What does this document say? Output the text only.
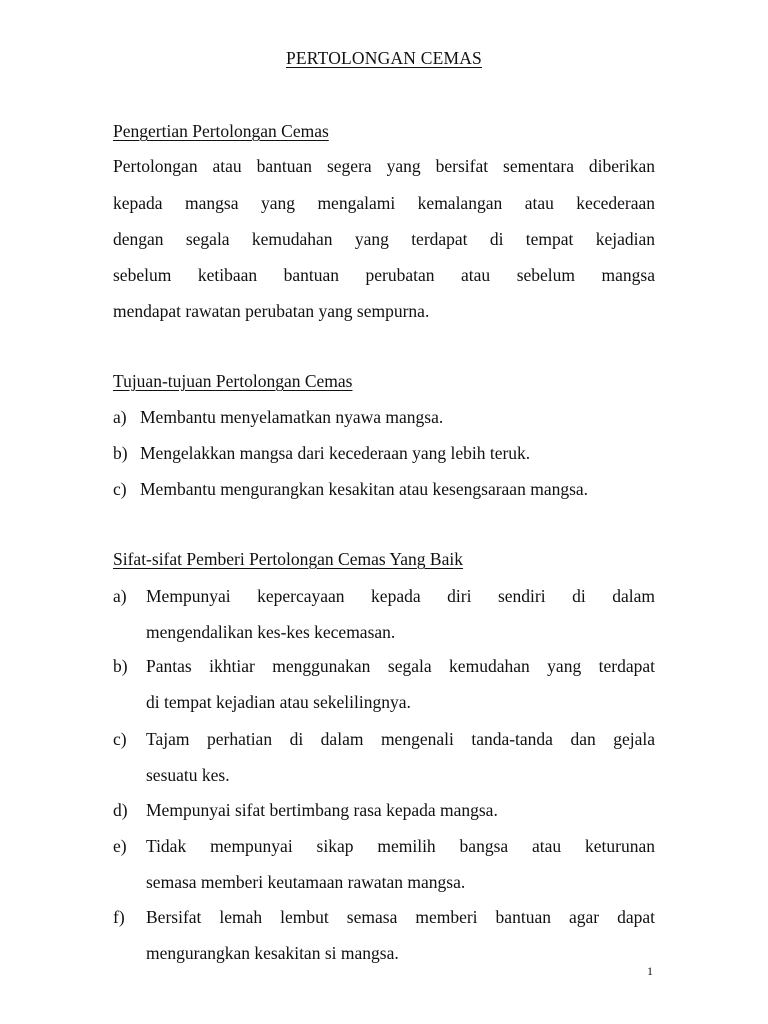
PERTOLONGAN CEMAS
Pengertian Pertolongan Cemas
Pertolongan atau bantuan segera yang bersifat sementara diberikan
kepada mangsa yang mengalami kemalangan atau kecederaan
dengan segala kemudahan yang terdapat di tempat kejadian
sebelum ketibaan bantuan perubatan atau sebelum mangsa
mendapat rawatan perubatan yang sempurna.
Tujuan-tujuan Pertolongan Cemas
a) Membantu menyelamatkan nyawa mangsa.
b) Mengelakkan mangsa dari kecederaan yang lebih teruk.
c) Membantu mengurangkan kesakitan atau kesengsaraan mangsa.
Sifat-sifat Pemberi Pertolongan Cemas Yang Baik
a) Mempunyai kepercayaan kepada diri sendiri di dalam
mengendalikan kes-kes kecemasan.
b) Pantas ikhtiar menggunakan segala kemudahan yang terdapat
di tempat kejadian atau sekelilingnya.
c) Tajam perhatian di dalam mengenali tanda-tanda dan gejala
sesuatu kes.
d) Mempunyai sifat bertimbang rasa kepada mangsa.
e) Tidak mempunyai sikap memilih bangsa atau keturunan
semasa memberi keutamaan rawatan mangsa.
f) Bersifat lemah lembut semasa memberi bantuan agar dapat
mengurangkan kesakitan si mangsa.
1
